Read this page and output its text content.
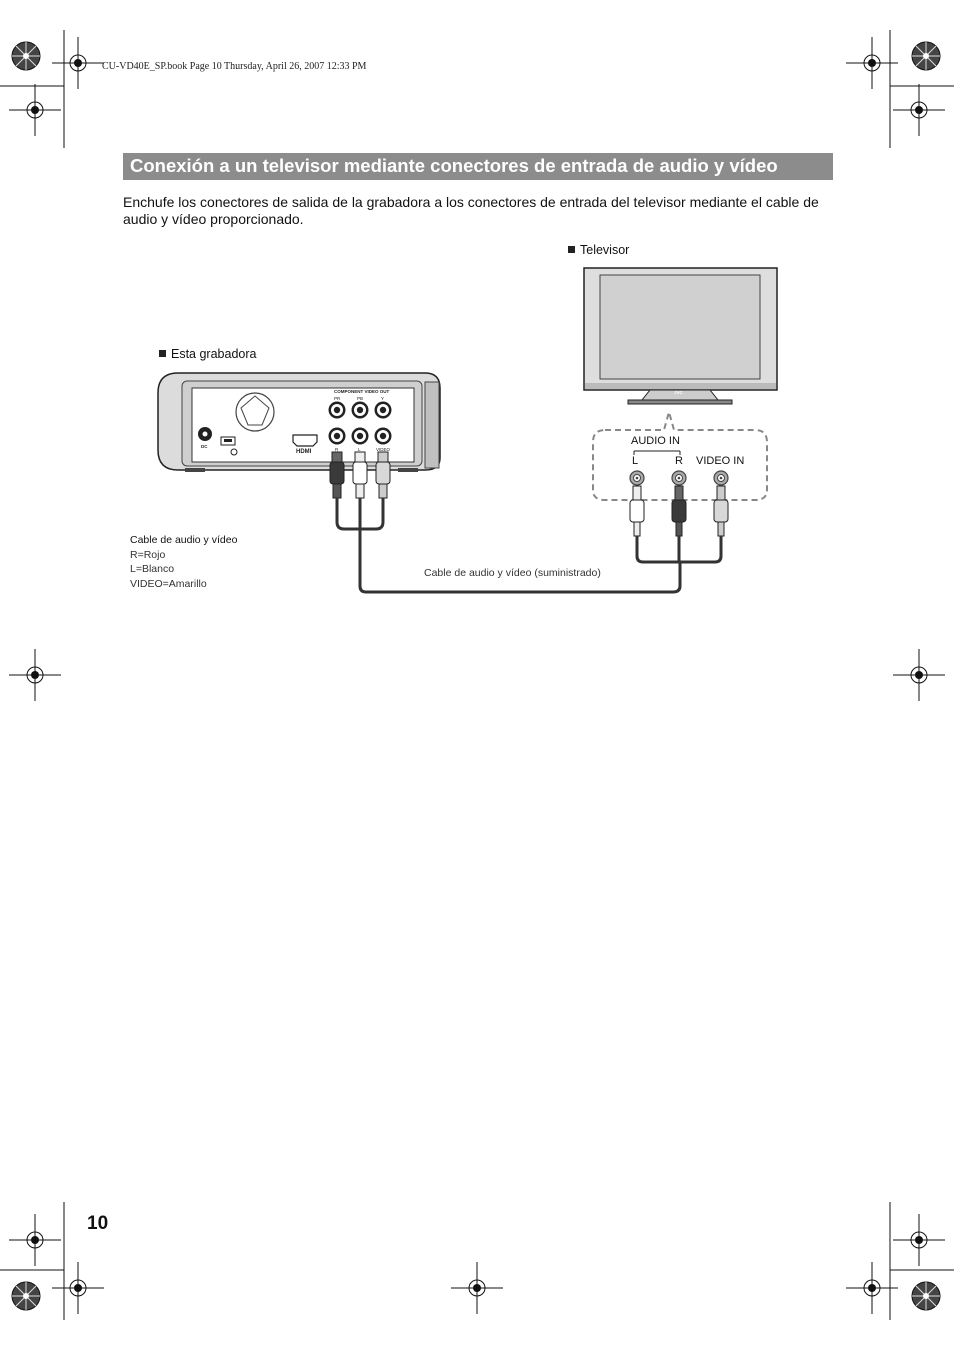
COMPONENT VIDEO OUT
PR	PB	Y
DC
HDMI	R	L	VIDEO
JVC
CU-VD40E_SP.book Page 10 Thursday, April 26, 2007 12:33 PM
Conexión a un televisor mediante conectores de entrada de audio y vídeo
Enchufe los conectores de salida de la grabadora a los conectores de entrada del televisor mediante el cable de audio y vídeo proporcionado.
Televisor
Esta grabadora
AUDIO IN
L	R VIDEO IN
Cable de audio y vídeo
R=Rojo
L=Blanco
VIDEO=Amarillo
Cable de audio y vídeo (suministrado)
10
